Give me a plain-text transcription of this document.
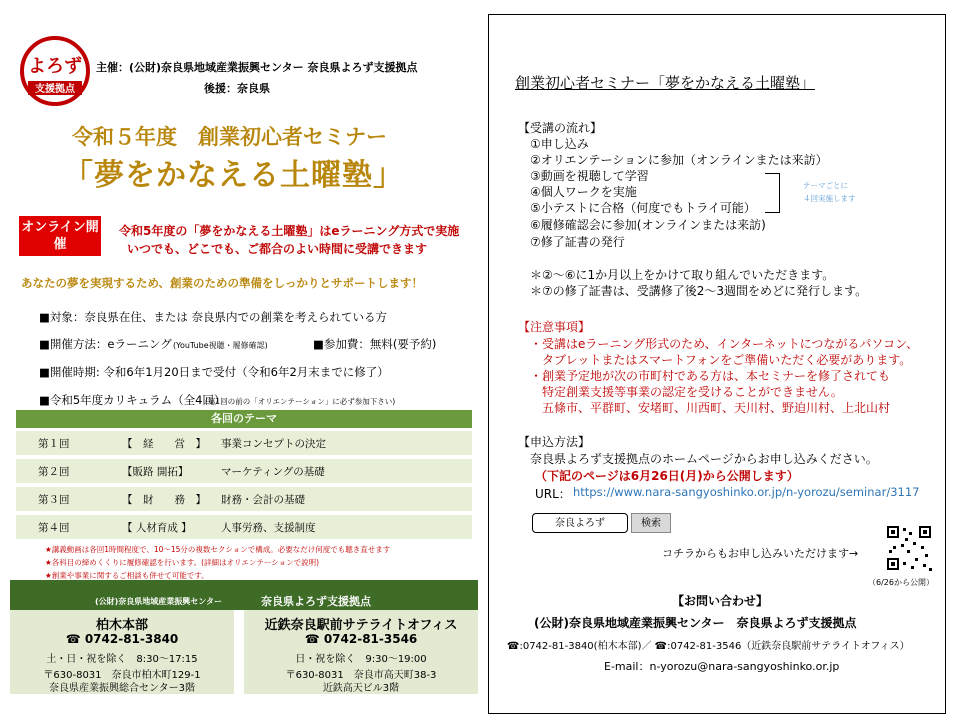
よろず
支援拠点
主催：(公財)奈良県地域産業振興センター 奈良県よろず支援拠点
後援：奈良県
令和５年度　創業初心者セミナー
「夢をかなえる土曜塾」
オンライン開催
令和5年度の「夢をかなえる土曜塾」はeラーニング方式で実施
いつでも、どこでも、ご都合のよい時間に受講できます
あなたの夢を実現するため、創業のための準備をしっかりとサポートします！
■対象：奈良県在住、または 奈良県内での創業を考えられている方
■開催方法：eラーニング (YouTube視聴・履修確認)	■参加費：無料(要予約)
■開催時期: 令和6年1月20日まで受付（令和6年2月末までに修了）
■令和5年度カリキュラム（全4回）
(第1回の前の「オリエンテーション」に必ず参加下さい)
各回のテーマ
第１回	【　経　　営　】 事業コンセプトの決定
第２回	【販路 開拓】	マーケティングの基礎
第３回	【　財　　務　】 財務・会計の基礎
第４回	【 人材育成 】	人事労務、支援制度
★講義動画は各回1時間程度で、10～15分の複数セクションで構成。必要なだけ何度でも聴き直せます
★各科目の締めくくりに履修確認を行います。(詳細はオリエンテーションで説明)
★創業や事業に関するご相談も併せて可能です。
(公財)奈良県地域産業振興センター	奈良県よろず支援拠点
柏木本部
☎ 0742-81-3840
土・日・祝を除く　8:30～17:15
〒630-8031　奈良市柏木町129-1
奈良県産業振興総合センター3階
近鉄奈良駅前サテライトオフィス
☎ 0742-81-3546
日・祝を除く　9:30～19:00
〒630-8031　奈良市高天町38-3
近鉄高天ビル3階
創業初心者セミナー「夢をかなえる土曜塾」
【受講の流れ】
①申し込み
②オリエンテーションに参加（オンラインまたは来訪）
③動画を視聴して学習
④個人ワークを実施
⑤小テストに合格（何度でもトライ可能）
⑥履修確認会に参加(オンラインまたは来訪)
⑦修了証書の発行
テーマごとに
４回実施します
＊②～⑥に1か月以上をかけて取り組んでいただきます。
＊⑦の修了証書は、受講修了後2～3週間をめどに発行します。
【注意事項】
・受講はeラーニング形式のため、インターネットにつながるパソコン、
　タブレットまたはスマートフォンをご準備いただく必要があります。
・創業予定地が次の市町村である方は、本セミナーを修了されても
　特定創業支援等事業の認定を受けることができません。
　五條市、平群町、安堵町、川西町、天川村、野迫川村、上北山村
【申込方法】
奈良県よろず支援拠点のホームページからお申し込みください。
（下記のページは6月26日(月)から公開します）
URL： https://www.nara-sangyoshinko.or.jp/n-yorozu/seminar/3117
奈良よろず	検索
コチラからもお申し込みいただけます→
（6/26から公開）
【お問い合わせ】
(公財)奈良県地域産業振興センター　奈良県よろず支援拠点
☎:0742-81-3840(柏木本部)／ ☎:0742-81-3546（近鉄奈良駅前サテライトオフィス）
E-mail：n-yorozu@nara-sangyoshinko.or.jp
